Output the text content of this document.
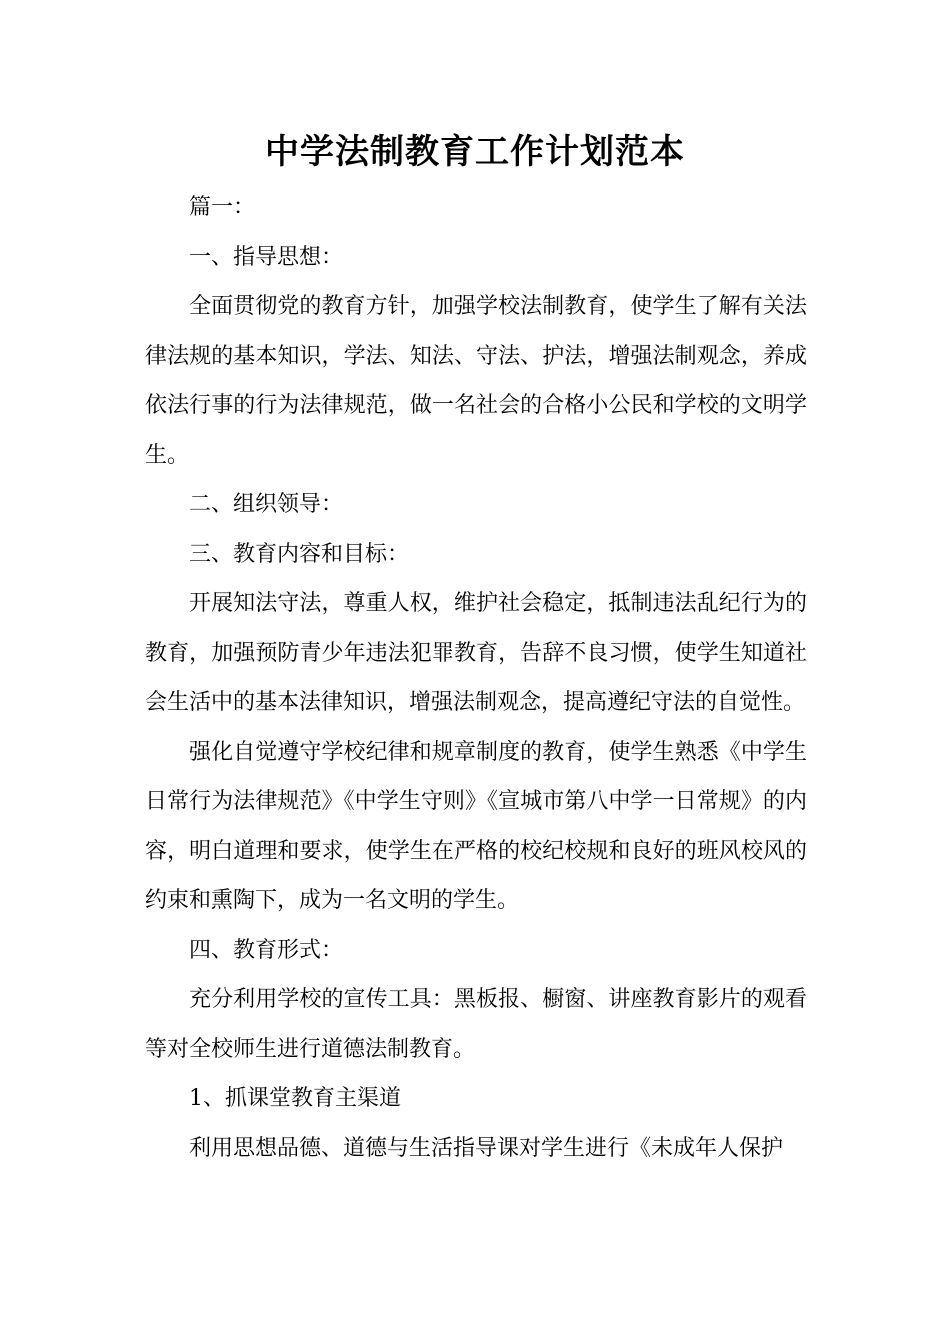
中学法制教育工作计划范本

篇一：

一、指导思想：

全面贯彻党的教育方针，加强学校法制教育，使学生了解有关法律法规的基本知识，学法、知法、守法、护法，增强法制观念，养成依法行事的行为法律规范，做一名社会的合格小公民和学校的文明学生。

二、组织领导：

三、教育内容和目标：

开展知法守法，尊重人权，维护社会稳定，抵制违法乱纪行为的教育，加强预防青少年违法犯罪教育，告辞不良习惯，使学生知道社会生活中的基本法律知识，增强法制观念，提高遵纪守法的自觉性。

强化自觉遵守学校纪律和规章制度的教育，使学生熟悉《中学生日常行为法律规范》《中学生守则》《宣城市第八中学一日常规》的内容，明白道理和要求，使学生在严格的校纪校规和良好的班风校风的约束和熏陶下，成为一名文明的学生。

四、教育形式：

充分利用学校的宣传工具：黑板报、橱窗、讲座教育影片的观看等对全校师生进行道德法制教育。

1、抓课堂教育主渠道

利用思想品德、道德与生活指导课对学生进行《未成年人保护
